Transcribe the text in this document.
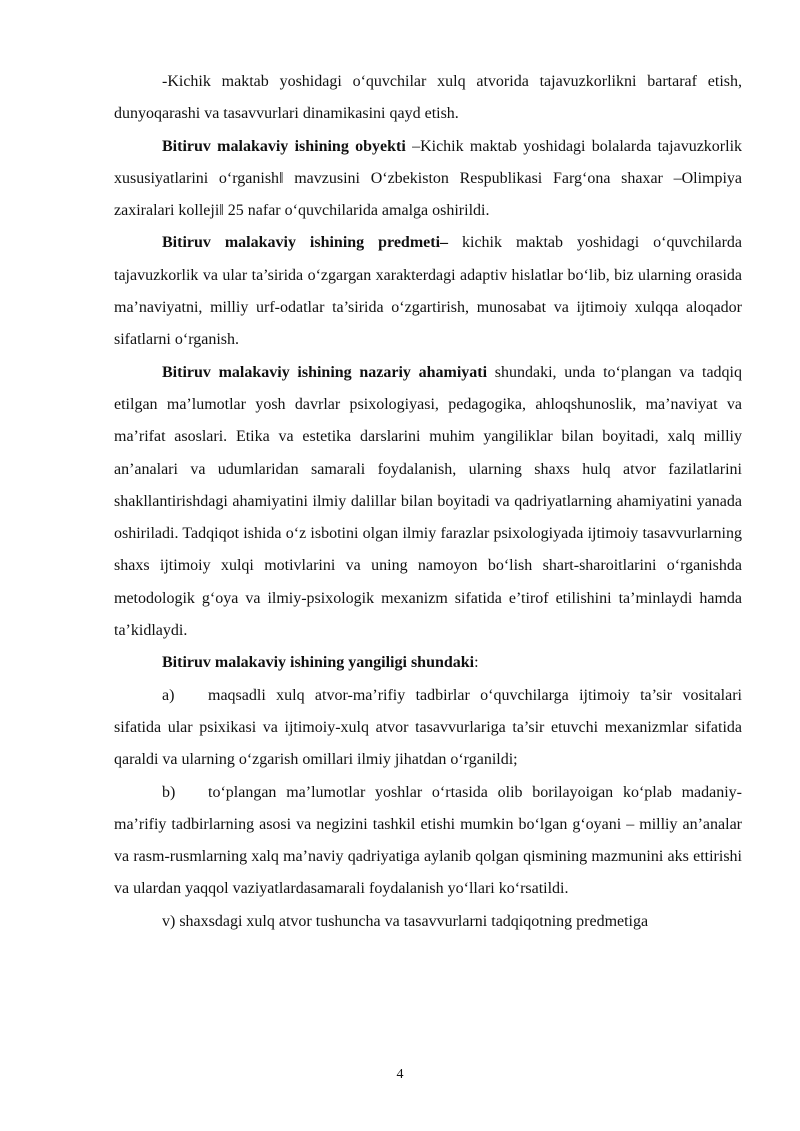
-Kichik maktab yoshidagi o‘quvchilar xulq atvorida tajavuzkorlikni bartaraf etish, dunyoqarashi va tasavvurlari dinamikasini qayd etish.

Bitiruv malakaviy ishining obyekti –Kichik maktab yoshidagi bolalarda tajavuzkorlik xususiyatlarini o‘rganish‖ mavzusini O‘zbekiston Respublikasi Farg‘ona shaxar –Olimpiya zaxiralari kolleji‖ 25 nafar o‘quvchilarida amalga oshirildi.

Bitiruv malakaviy ishining predmeti– kichik maktab yoshidagi o‘quvchilarda tajavuzkorlik va ular ta’sirida o‘zgargan xarakterdagi adaptiv hislatlar bo‘lib, biz ularning orasida ma’naviyatni, milliy urf-odatlar ta’sirida o‘zgartirish, munosabat va ijtimoiy xulqqa aloqador sifatlarni o‘rganish.

Bitiruv malakaviy ishining nazariy ahamiyati shundaki, unda to‘plangan va tadqiq etilgan ma’lumotlar yosh davrlar psixologiyasi, pedagogika, ahloqshunoslik, ma’naviyat va ma’rifat asoslari. Etika va estetika darslarini muhim yangiliklar bilan boyitadi, xalq milliy an’analari va udumlaridan samarali foydalanish, ularning shaxs hulq atvor fazilatlarini shakllantirishdagi ahamiyatini ilmiy dalillar bilan boyitadi va qadriyatlarning ahamiyatini yanada oshiriladi. Tadqiqot ishida o‘z isbotini olgan ilmiy farazlar psixologiyada ijtimoiy tasavvurlarning shaxs ijtimoiy xulqi motivlarini va uning namoyon bo‘lish shart-sharoitlarini o‘rganishda metodologik g‘oya va ilmiy-psixologik mexanizm sifatida e’tirof etilishini ta’minlaydi hamda ta’kidlaydi.

Bitiruv malakaviy ishining yangiligi shundaki:

a) maqsadli xulq atvor-ma’rifiy tadbirlar o‘quvchilarga ijtimoiy ta’sir vositalari sifatida ular psixikasi va ijtimoiy-xulq atvor tasavvurlariga ta’sir etuvchi mexanizmlar sifatida qaraldi va ularning o‘zgarish omillari ilmiy jihatdan o‘rganildi;

b) to‘plangan ma’lumotlar yoshlar o‘rtasida olib borilayoigan ko‘plab madaniy-ma’rifiy tadbirlarning asosi va negizini tashkil etishi mumkin bo‘lgan g‘oyani – milliy an’analar va rasm-rusmlarning xalq ma’naviy qadriyatiga aylanib qolgan qismining mazmunini aks ettirishi va ulardan yaqqol vaziyatlardasamarali foydalanish yo‘llari ko‘rsatildi.

v) shaxsdagi xulq atvor tushuncha va tasavvurlarni tadqiqotning predmetiga

4
